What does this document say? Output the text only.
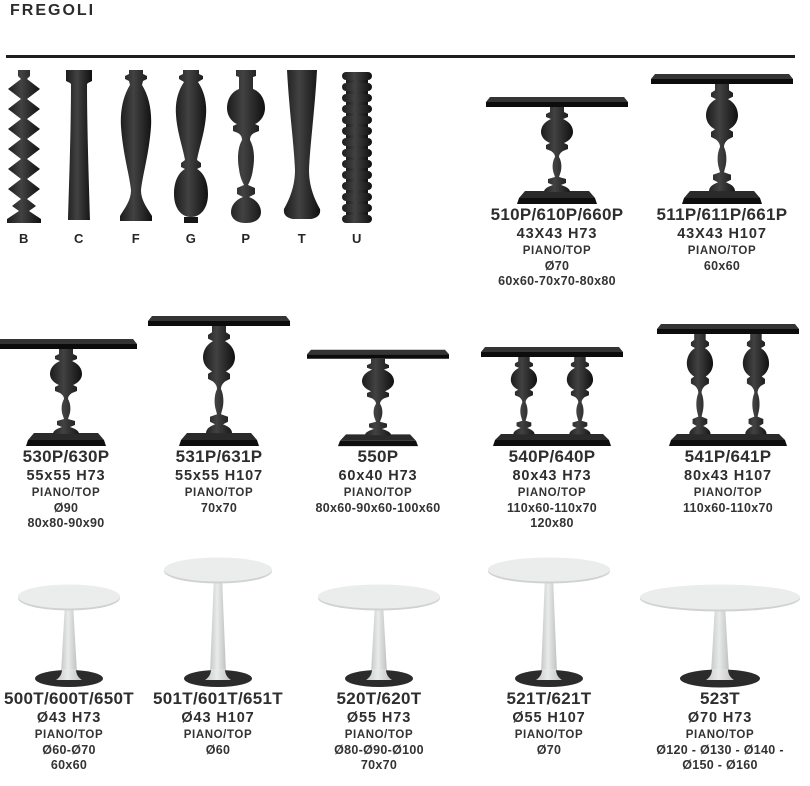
FREGOLI
B	C	F	G	P	T	U
510P/610P/660P
43X43 H73
PIANO/TOP
Ø70
60x60-70x70-80x80
511P/611P/661P
43X43 H107
PIANO/TOP
60x60
530P/630P
55x55 H73
PIANO/TOP
Ø90
80x80-90x90
531P/631P
55x55 H107
PIANO/TOP
70x70
550P
60x40 H73
PIANO/TOP
80x60-90x60-100x60
540P/640P
80x43 H73
PIANO/TOP
110x60-110x70
120x80
541P/641P
80x43 H107
PIANO/TOP
110x60-110x70
500T/600T/650T
Ø43 H73
PIANO/TOP
Ø60-Ø70
60x60
501T/601T/651T
Ø43 H107
PIANO/TOP
Ø60
520T/620T
Ø55 H73
PIANO/TOP
Ø80-Ø90-Ø100
70x70
521T/621T
Ø55 H107
PIANO/TOP
Ø70
523T
Ø70 H73
PIANO/TOP
Ø120 - Ø130 - Ø140 -
Ø150 - Ø160
